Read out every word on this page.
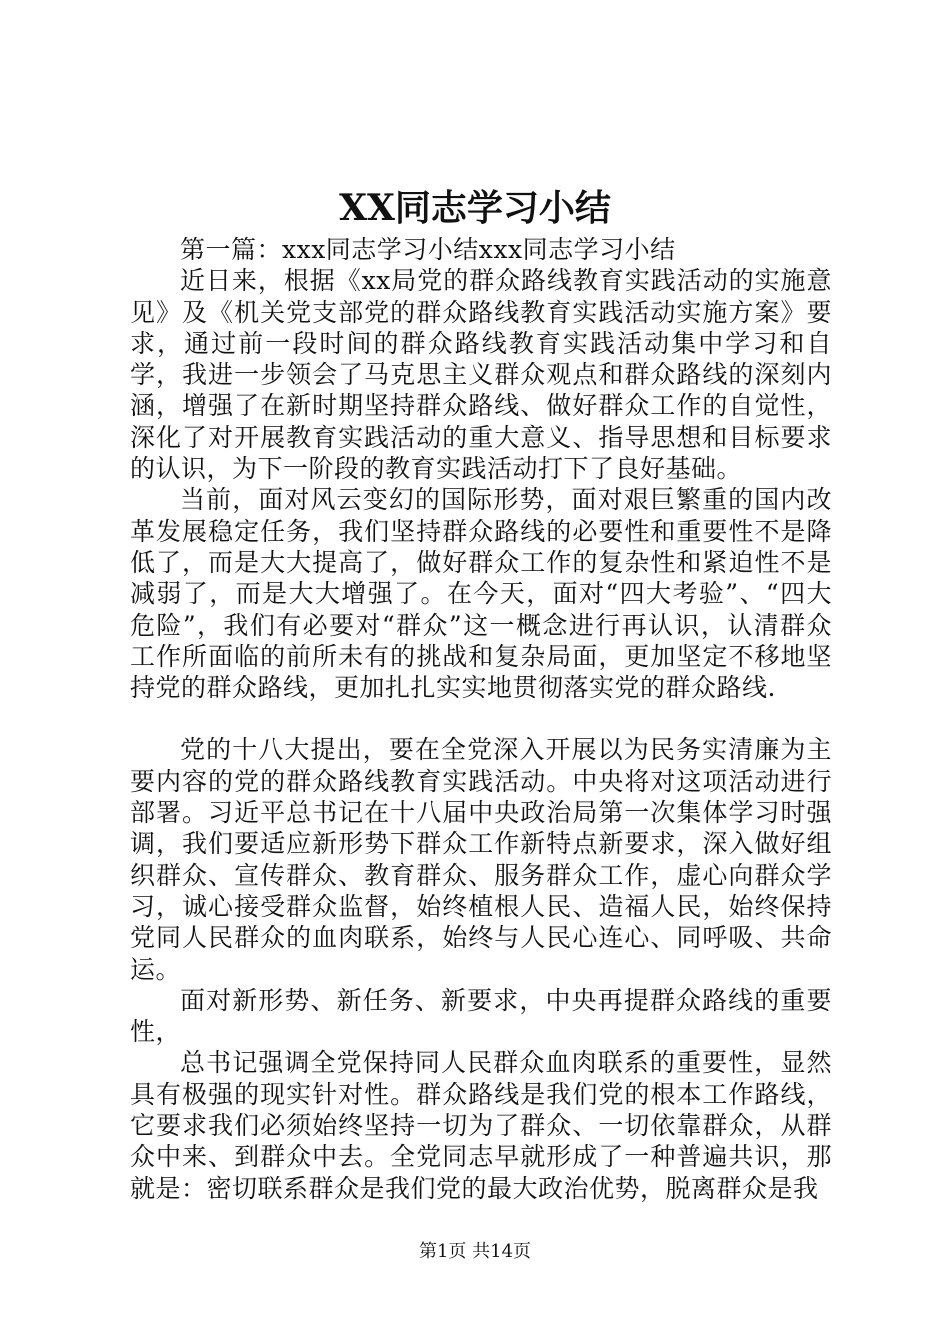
XX同志学习小结

第一篇：xxx同志学习小结xxx同志学习小结

近日来，根据《xx局党的群众路线教育实践活动的实施意见》及《机关党支部党的群众路线教育实践活动实施方案》要求，通过前一段时间的群众路线教育实践活动集中学习和自学，我进一步领会了马克思主义群众观点和群众路线的深刻内涵，增强了在新时期坚持群众路线、做好群众工作的自觉性，深化了对开展教育实践活动的重大意义、指导思想和目标要求的认识，为下一阶段的教育实践活动打下了良好基础。

当前，面对风云变幻的国际形势，面对艰巨繁重的国内改革发展稳定任务，我们坚持群众路线的必要性和重要性不是降低了，而是大大提高了，做好群众工作的复杂性和紧迫性不是减弱了，而是大大增强了。在今天，面对“四大考验”、“四大危险”，我们有必要对“群众”这一概念进行再认识，认清群众工作所面临的前所未有的挑战和复杂局面，更加坚定不移地坚持党的群众路线，更加扎扎实实地贯彻落实党的群众路线.

党的十八大提出，要在全党深入开展以为民务实清廉为主要内容的党的群众路线教育实践活动。中央将对这项活动进行部署。习近平总书记在十八届中央政治局第一次集体学习时强调，我们要适应新形势下群众工作新特点新要求，深入做好组织群众、宣传群众、教育群众、服务群众工作，虚心向群众学习，诚心接受群众监督，始终植根人民、造福人民，始终保持党同人民群众的血肉联系，始终与人民心连心、同呼吸、共命运。

面对新形势、新任务、新要求，中央再提群众路线的重要性，

总书记强调全党保持同人民群众血肉联系的重要性，显然具有极强的现实针对性。群众路线是我们党的根本工作路线，它要求我们必须始终坚持一切为了群众、一切依靠群众，从群众中来、到群众中去。全党同志早就形成了一种普遍共识，那就是：密切联系群众是我们党的最大政治优势，脱离群众是我

第1页 共14页
